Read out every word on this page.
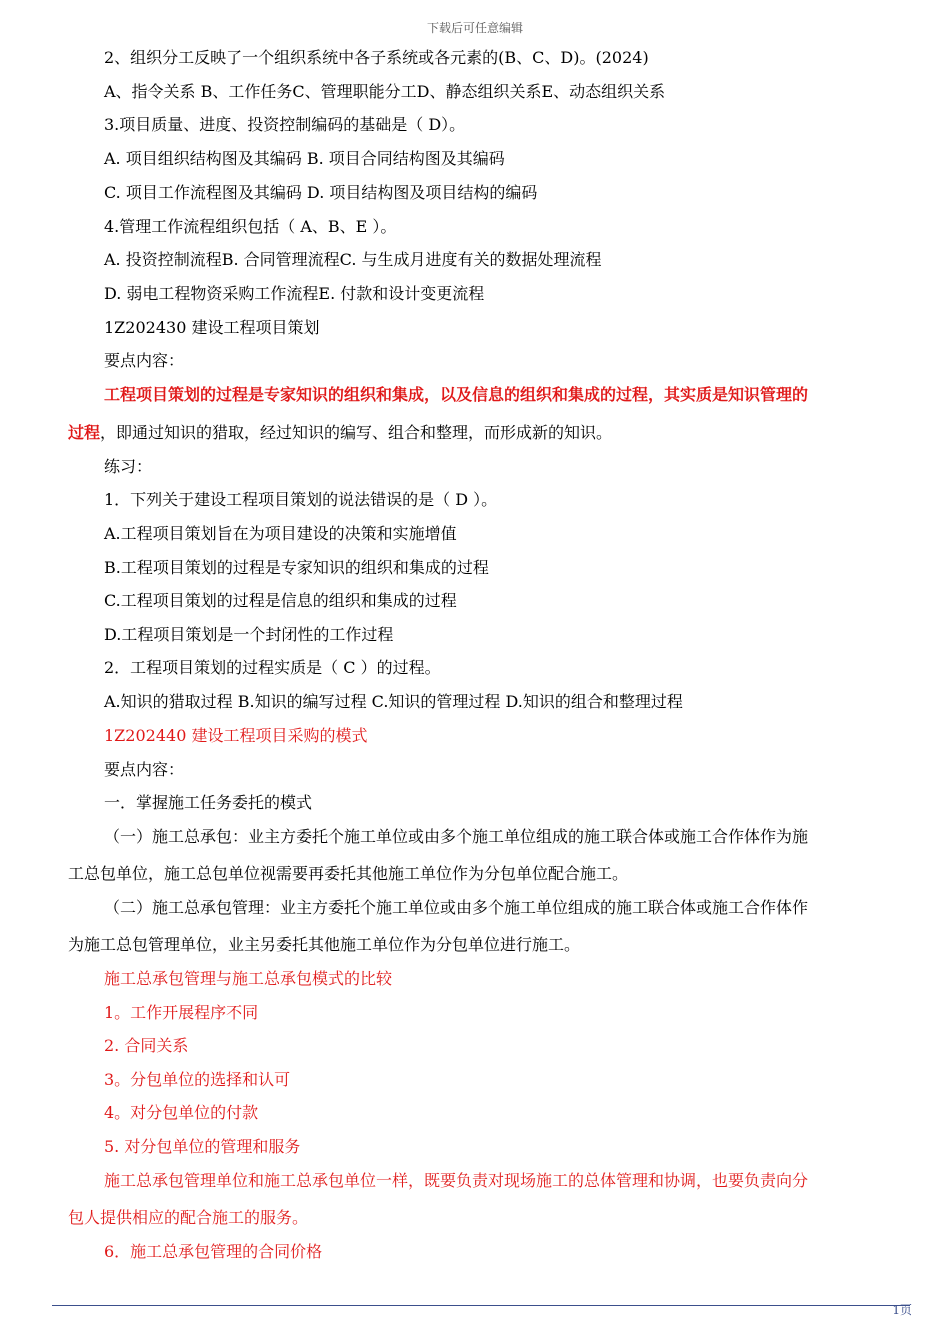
下载后可任意编辑
2、组织分工反映了一个组织系统中各子系统或各元素的(B、C、D)。(2024)
A、指令关系 B、工作任务C、管理职能分工D、静态组织关系E、动态组织关系
3.项目质量、进度、投资控制编码的基础是（ D）。
A. 项目组织结构图及其编码 B. 项目合同结构图及其编码
C. 项目工作流程图及其编码 D. 项目结构图及项目结构的编码
4.管理工作流程组织包括（ A、B、E ）。
A. 投资控制流程B. 合同管理流程C. 与生成月进度有关的数据处理流程
D. 弱电工程物资采购工作流程E. 付款和设计变更流程
1Z202430 建设工程项目策划
要点内容：
工程项目策划的过程是专家知识的组织和集成，以及信息的组织和集成的过程，其实质是知识管理的
过程，即通过知识的猎取，经过知识的编写、组合和整理，而形成新的知识。
练习：
1．下列关于建设工程项目策划的说法错误的是（ D ）。
A.工程项目策划旨在为项目建设的决策和实施增值
B.工程项目策划的过程是专家知识的组织和集成的过程
C.工程项目策划的过程是信息的组织和集成的过程
D.工程项目策划是一个封闭性的工作过程
2．工程项目策划的过程实质是（ C ）的过程。
A.知识的猎取过程 B.知识的编写过程 C.知识的管理过程 D.知识的组合和整理过程
1Z202440 建设工程项目采购的模式
要点内容：
一．掌握施工任务委托的模式
（一）施工总承包：业主方委托个施工单位或由多个施工单位组成的施工联合体或施工合作体作为施
工总包单位，施工总包单位视需要再委托其他施工单位作为分包单位配合施工。
（二）施工总承包管理：业主方委托个施工单位或由多个施工单位组成的施工联合体或施工合作体作
为施工总包管理单位，业主另委托其他施工单位作为分包单位进行施工。
施工总承包管理与施工总承包模式的比较
1。工作开展程序不同
2. 合同关系
3。分包单位的选择和认可
4。对分包单位的付款
5. 对分包单位的管理和服务
施工总承包管理单位和施工总承包单位一样，既要负责对现场施工的总体管理和协调，也要负责向分
包人提供相应的配合施工的服务。
6．施工总承包管理的合同价格
1页
